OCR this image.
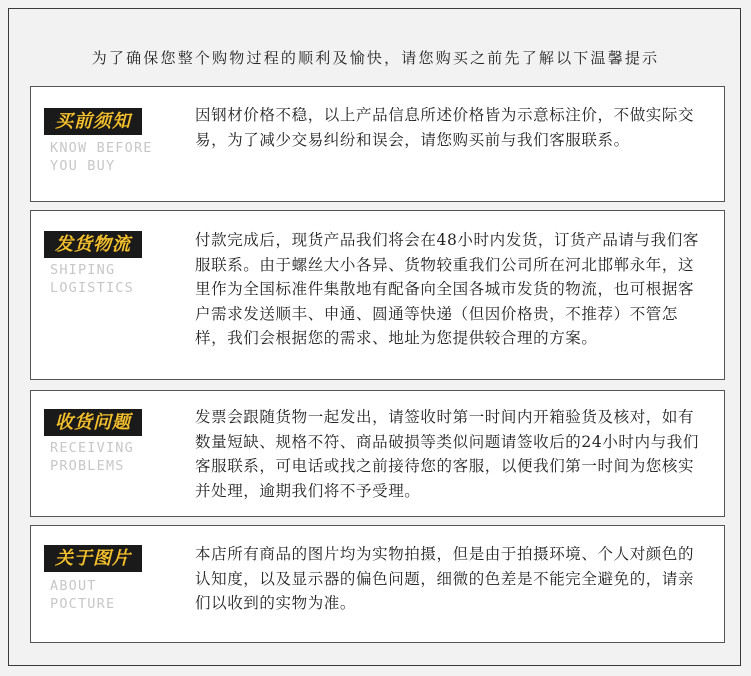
为了确保您整个购物过程的顺利及愉快，请您购买之前先了解以下温馨提示
买前须知
KNOW BEFORE
YOU BUY
因钢材价格不稳，以上产品信息所述价格皆为示意标注价，不做实际交易，为了减少交易纠纷和误会，请您购买前与我们客服联系。
发货物流
SHIPING
LOGISTICS
付款完成后，现货产品我们将会在48小时内发货，订货产品请与我们客服联系。由于螺丝大小各异、货物较重我们公司所在河北邯郸永年，这里作为全国标准件集散地有配备向全国各城市发货的物流，也可根据客户需求发送顺丰、申通、圆通等快递（但因价格贵，不推荐）不管怎样，我们会根据您的需求、地址为您提供较合理的方案。
收货问题
RECEIVING
PROBLEMS
发票会跟随货物一起发出，请签收时第一时间内开箱验货及核对，如有数量短缺、规格不符、商品破损等类似问题请签收后的24小时内与我们客服联系，可电话或找之前接待您的客服，以便我们第一时间为您核实并处理，逾期我们将不予受理。
关于图片
ABOUT
POCTURE
本店所有商品的图片均为实物拍摄，但是由于拍摄环境、个人对颜色的认知度，以及显示器的偏色问题，细微的色差是不能完全避免的，请亲们以收到的实物为准。
